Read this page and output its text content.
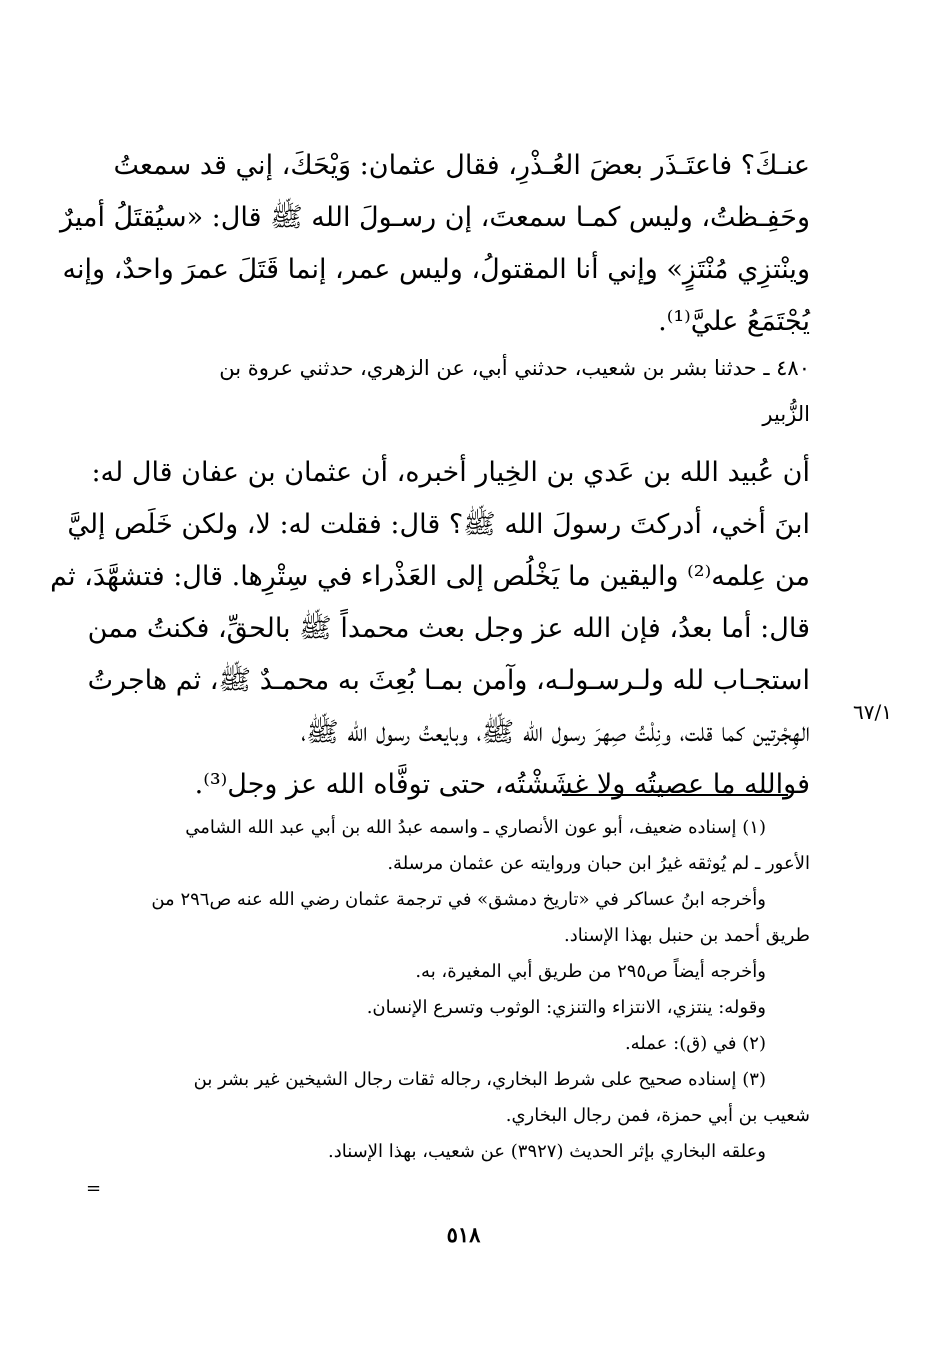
عنـكَ؟ فاعتَـذَر بعضَ العُـذْرِ، فقال عثمان: وَيْحَكَ، إني قد سمعتُ
وحَفِـظتُ، وليس كمـا سمعتَ، إن رسـولَ الله ﷺ قال: «سيُقتَلُ أميرٌ
وينْتزِي مُنْتَزٍ» وإني أنا المقتولُ، وليس عمر، إنما قَتَلَ عمرَ واحدٌ، وإنه
يُجْتَمَعُ عليَّ⁽¹⁾.
٤٨٠ ـ حدثنا بشر بن شعيب، حدثني أبي، عن الزهري، حدثني عروة بن
الزُّبير
أن عُبيد الله بن عَدي بن الخِيار أخبره، أن عثمان بن عفان قال له:
ابنَ أخي، أدركتَ رسولَ الله ﷺ؟ قال: فقلت له: لا، ولكن خَلَص إليَّ
من عِلمه⁽²⁾ واليقين ما يَخْلُص إلى العَذْراء في سِتْرِها. قال: فتشهَّدَ، ثم
قال: أما بعدُ، فإن الله عز وجل بعث محمداً ﷺ بالحقِّ، فكنتُ ممن
استجـاب لله ولـرسـولـه، وآمن بمـا بُعِثَ به محمـدٌ ﷺ، ثم هاجرتُ
الهِجْرتين كما قلت، ونِلْتُ صِهرَ رسول الله ﷺ، وبايعتُ رسول الله ﷺ،
فوالله ما عصيتُه ولا غشَشْتُه، حتى توفَّاه الله عز وجل⁽³⁾.
٦٧/١
(١) إسناده ضعيف، أبو عون الأنصاري ـ واسمه عبدُ الله بن أبي عبد الله الشامي
الأعور ـ لم يُوثقه غيرُ ابن حبان وروايته عن عثمان مرسلة.
وأخرجه ابنُ عساكر في «تاريخ دمشق» في ترجمة عثمان رضي الله عنه ص٢٩٦ من
طريق أحمد بن حنبل بهذا الإسناد.
وأخرجه أيضاً ص٢٩٥ من طريق أبي المغيرة، به.
وقوله: ينتزي، الانتزاء والتنزي: الوثوب وتسرع الإنسان.
(٢) في (ق): عمله.
(٣) إسناده صحيح على شرط البخاري، رجاله ثقات رجال الشيخين غير بشر بن
شعيب بن أبي حمزة، فمن رجال البخاري.
وعلقه البخاري بإثر الحديث (٣٩٢٧) عن شعيب، بهذا الإسناد.
=
٥١٨
